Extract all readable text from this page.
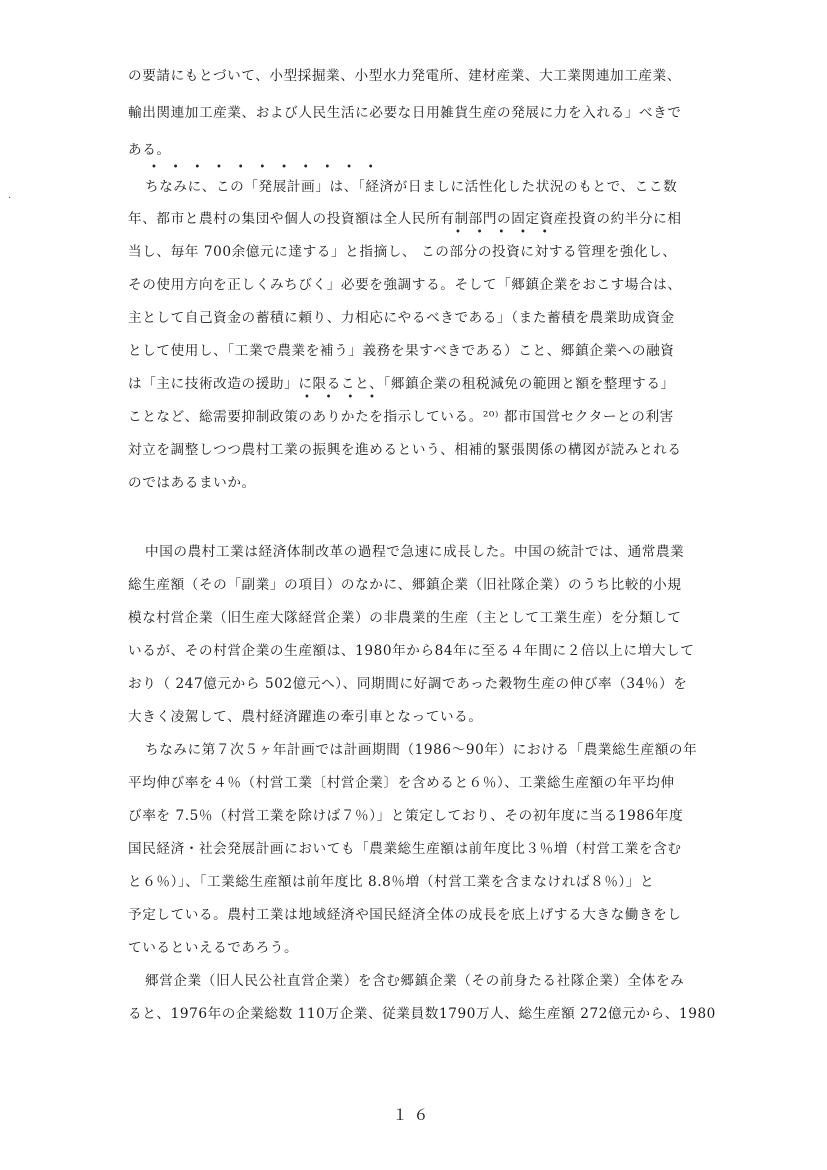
の要請にもとづいて、小型採掘業、小型水力発電所、建材産業、大工業関連加工産業、
輸出関連加工産業、および人民生活に必要な日用雑貨生産の発展に力を入れる」べきで
ある。
ちなみに、この「発展計画」は、「経済が日ましに活性化した状況のもとで、ここ数
年、都市と農村の集団や個人の投資額は全人民所有制部門の固定資産投資の約半分に相
当し、毎年 700余億元に達する」と指摘し、 この部分の投資に対する管理を強化し、
その使用方向を正しくみちびく」必要を強調する。そして「郷鎮企業をおこす場合は、
主として自己資金の蓄積に頼り、力相応にやるべきである」（また蓄積を農業助成資金
として使用し、「工業で農業を補う」義務を果すべきである）こと、郷鎮企業への融資
は「主に技術改造の援助」に限ること、「郷鎮企業の租税減免の範囲と額を整理する」
ことなど、総需要抑制政策のありかたを指示している。²⁰⁾ 都市国営セクターとの利害
対立を調整しつつ農村工業の振興を進めるという、相補的緊張関係の構図が読みとれる
のではあるまいか。
• • • • • • • • • • •
• • • • •
• • • •
中国の農村工業は経済体制改革の過程で急速に成長した。中国の統計では、通常農業
総生産額（その「副業」の項目）のなかに、郷鎮企業（旧社隊企業）のうち比較的小規
模な村営企業（旧生産大隊経営企業）の非農業的生産（主として工業生産）を分類して
いるが、その村営企業の生産額は、1980年から84年に至る４年間に２倍以上に増大して
おり（ 247億元から 502億元へ）、同期間に好調であった穀物生産の伸び率（34％）を
大きく凌駕して、農村経済躍進の牽引車となっている。
ちなみに第７次５ヶ年計画では計画期間（1986～90年）における「農業総生産額の年
平均伸び率を４％（村営工業〔村営企業〕を含めると６％）、工業総生産額の年平均伸
び率を 7.5％（村営工業を除けば７％）」と策定しており、その初年度に当る1986年度
国民経済・社会発展計画においても「農業総生産額は前年度比３％増（村営工業を含む
と６％）」、「工業総生産額は前年度比 8.8％増（村営工業を含まなければ８％）」と
予定している。農村工業は地域経済や国民経済全体の成長を底上げする大きな働きをし
ているといえるであろう。
郷営企業（旧人民公社直営企業）を含む郷鎮企業（その前身たる社隊企業）全体をみ
ると、1976年の企業総数 110万企業、従業員数1790万人、総生産額 272億元から、1980
·
１６
